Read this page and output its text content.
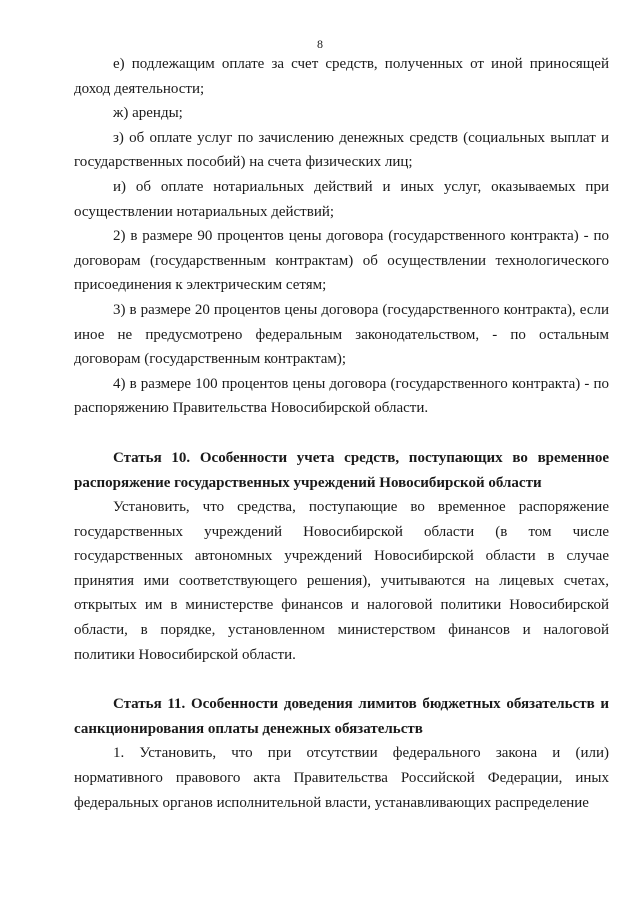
8

е) подлежащим оплате за счет средств, полученных от иной приносящей доход деятельности;

ж) аренды;

з) об оплате услуг по зачислению денежных средств (социальных выплат и государственных пособий) на счета физических лиц;

и) об оплате нотариальных действий и иных услуг, оказываемых при осуществлении нотариальных действий;

2) в размере 90 процентов цены договора (государственного контракта) - по договорам (государственным контрактам) об осуществлении технологического присоединения к электрическим сетям;

3) в размере 20 процентов цены договора (государственного контракта), если иное не предусмотрено федеральным законодательством, - по остальным договорам (государственным контрактам);

4) в размере 100 процентов цены договора (государственного контракта) - по распоряжению Правительства Новосибирской области.

Статья 10. Особенности учета средств, поступающих во временное распоряжение государственных учреждений Новосибирской области

Установить, что средства, поступающие во временное распоряжение государственных учреждений Новосибирской области (в том числе государственных автономных учреждений Новосибирской области в случае принятия ими соответствующего решения), учитываются на лицевых счетах, открытых им в министерстве финансов и налоговой политики Новосибирской области, в порядке, установленном министерством финансов и налоговой политики Новосибирской области.

Статья 11. Особенности доведения лимитов бюджетных обязательств и санкционирования оплаты денежных обязательств

1. Установить, что при отсутствии федерального закона и (или) нормативного правового акта Правительства Российской Федерации, иных федеральных органов исполнительной власти, устанавливающих распределение
